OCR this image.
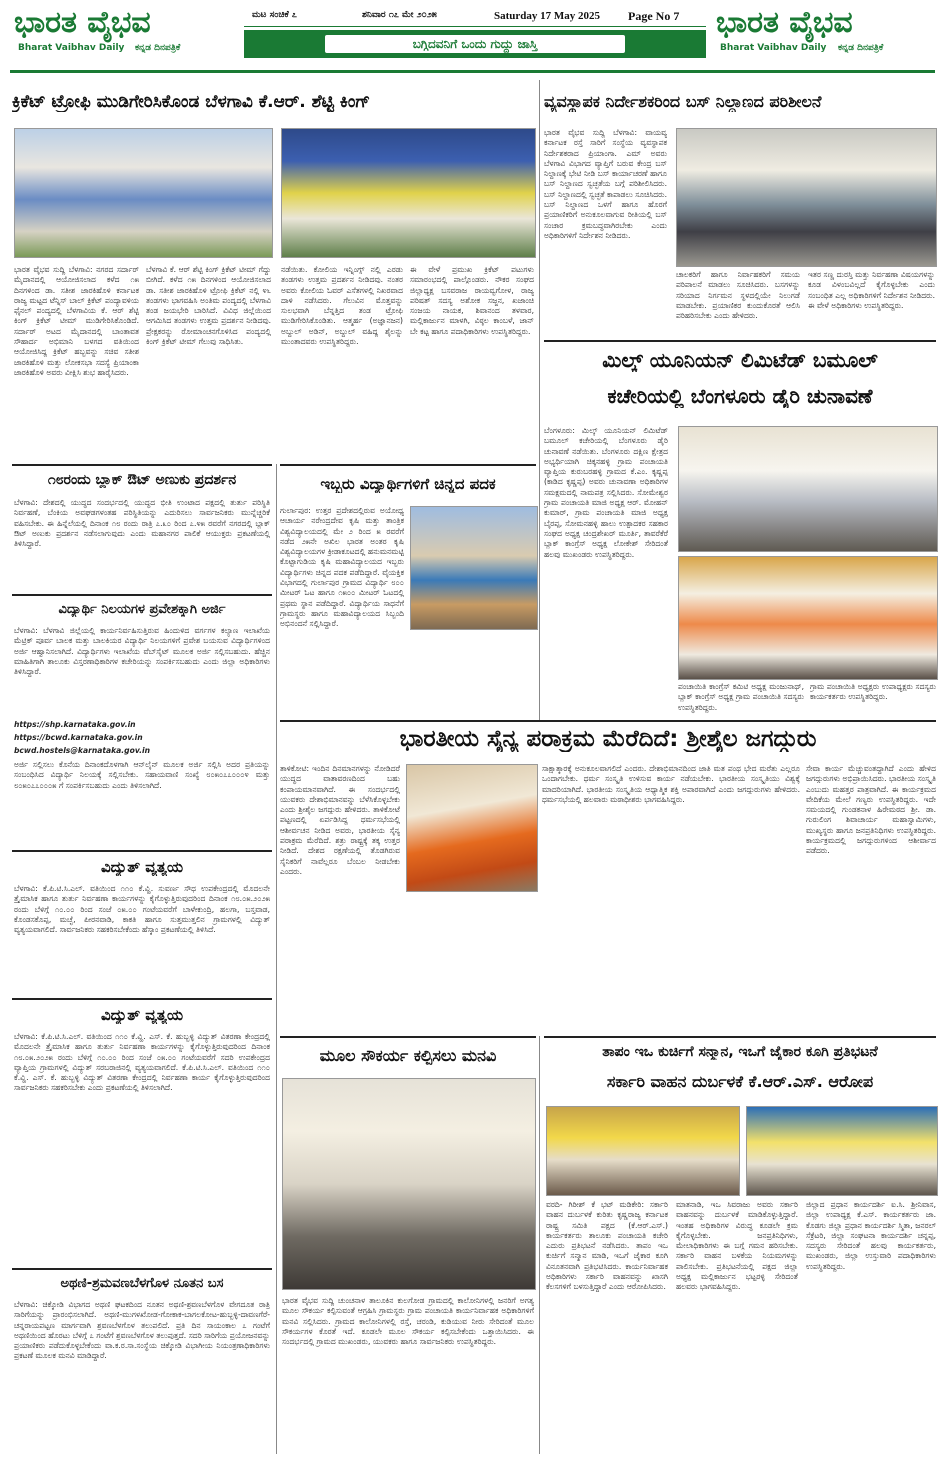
ಭಾರತ ವೈಭವ
Bharat Vaibhav Daily ಕನ್ನಡ ದಿನಪತ್ರಿಕೆ
ಮಟ ಸಂಚಿಕೆ ೭	ಶನಿವಾರ ೧೭ ಮೇ ೨೦೨೫	Saturday 17 May 2025 Page No 7
ಬಗ್ಗಿದವನಿಗೆ ಒಂದು ಗುದ್ದು ಜಾಸ್ತಿ
ಭಾರತ ವೈಭವ
Bharat Vaibhav Daily ಕನ್ನಡ ದಿನಪತ್ರಿಕೆ
ಕ್ರಿಕೆಟ್ ಟ್ರೋಫಿ ಮುಡಿಗೇರಿಸಿಕೊಂಡ ಬೆಳಗಾವಿ ಕೆ.ಆರ್. ಶೆಟ್ಟಿ ಕಿಂಗ್
ಭಾರತ ವೈಭವ ಸುದ್ದಿ ಬೆಳಗಾವಿ: ನಗರದ ಸರ್ದಾರ್ ಮೈದಾನದಲ್ಲಿ ಆಯೋಜಿಸಲಾದ ಕಳೆದ ೧೫ ದಿನಗಳಿಂದ ಡಾ. ಸತೀಶ ಜಾರಕಿಹೊಳಿ ಕರ್ನಾಟಕ ರಾಜ್ಯ ಮಟ್ಟದ ಟೆನ್ನಿಸ್ ಬಾಲ್ ಕ್ರಿಕೆಟ್ ಪಂದ್ಯಾವಳಿಯ ಫೈನಲ್ ಪಂದ್ಯದಲ್ಲಿ ಬೆಳಗಾವಿಯ ಕೆ. ಆರ್ ಶೆಟ್ಟಿ ಕಿಂಗ್ ಕ್ರಿಕೆಟ್ ಟೀಮ್ ಮುಡಿಗೇರಿಸಿಕೊಂಡಿದೆ. ಸರ್ದಾರ್ ಅಟದ ಮೈದಾನದಲ್ಲಿ ಬಾಂತಾವತ ಸೌಹಾರ್ದ ಅಭಿಮಾನಿ ಬಳಗದ ವತಿಯಿಂದ ಆಯೋಜಿಸಿದ್ದ ಕ್ರಿಕೆಟ್ ಹಬ್ಬವನ್ನು ಸಚಿವ ಸತೀಶ ಜಾರಕಿಹೊಳಿ ಮತ್ತು ಲೋಕಸಭಾ ಸದಸ್ಯೆ ಪ್ರಿಯಾಂಕಾ ಜಾರಕಿಹೊಳಿ ಅವರು ವೀಕ್ಷಿಸಿ ಶುಭ ಹಾರೈಸಿದರು.
ಬೆಳಗಾವಿ ಕೆ. ಆರ್ ಶೆಟ್ಟಿ ಕಿಂಗ್ ಕ್ರಿಕೆಟ್ ಟೀಮ್ ಗೆದ್ದು ಬೀಗಿದೆ. ಕಳೆದ ೧೫ ದಿನಗಳಿಂದ ಆಯೋಜಿಸಲಾದ ಡಾ. ಸತೀಶ ಜಾರಕಿಹೊಳಿ ಟ್ರೋಫಿ ಕ್ರಿಕೆಟ್ ನಲ್ಲಿ ೪೬ ತಂಡಗಳು ಭಾಗವಹಿಸಿ ಅಂತಿಮ ಪಂದ್ಯದಲ್ಲಿ ಬೆಳಗಾವಿ ತಂಡ ಜಯಭೇರಿ ಬಾರಿಸಿದೆ. ವಿವಿಧ ಜಿಲ್ಲೆಯಿಂದ ಆಗಮಿಸಿದ ತಂಡಗಳು ಉತ್ತಮ ಪ್ರದರ್ಶನ ನೀಡಿದವು. ಪ್ರೇಕ್ಷಕರನ್ನು ರೋಮಾಂಚನಗೊಳಿಸಿದ ಪಂದ್ಯದಲ್ಲಿ ಕಿಂಗ್ ಕ್ರಿಕೆಟ್ ಟೀಮ್ ಗೆಲುವು ಸಾಧಿಸಿತು.
ನಡೆಯಿತು. ಕೋಲಿಯ ಇನ್ನಿಂಗ್ಸ್ ನಲ್ಲಿ ಎರಡು ತಂಡಗಳು ಉತ್ತಮ ಪ್ರದರ್ಶನ ನೀಡಿದವು. ನಂತರ ಅವರು ಕೋಲಿಯ ಓವರ್ ಎಸೆತಗಳಲ್ಲಿ ನಿಖರವಾದ ದಾಳಿ ನಡೆಸಿದರು. ಗೆಲುವಿನ ಮೊತ್ತವನ್ನು ಸುಲಭವಾಗಿ ಬೆನ್ನತ್ತಿದ ತಂಡ ಟ್ರೋಫಿ ಮುಡಿಗೇರಿಸಿಕೊಂಡಿತು. ಆತ್ಮರ್ಹ (ಅಜ್ಞಾನಜನ) ಅಬ್ದುಲ್ ಅಡಿನ್, ಅಬ್ದುಲ್ ವಹಿದ್ದ ಶೈಲನ್ನು ಮುಂತಾದವರು ಉಪಸ್ಥಿತರಿದ್ದರು.
ಈ ವೇಳೆ ಪ್ರಮುಖ ಕ್ರಿಕೆಟ್ ಪಟುಗಳು ಸಮಾರಂಭದಲ್ಲಿ ಪಾಲ್ಗೊಂಡರು. ನೌಕರ ಸಂಘದ ಜಿಲ್ಲಾಧ್ಯಕ್ಷ ಬಸವರಾಜ ರಾಯವ್ವಗೋಳ, ರಾಜ್ಯ ಪರಿಷತ್ ಸದಸ್ಯ ಅಶೋಕ ಸಜ್ಜನ, ಖಜಾಂಚಿ ಸಂಜಯ ನಾಯಕ, ಶಿವಾನಂದ ತಳವಾರ, ಮಲ್ಲಿಕಾರ್ಜುನ ಮಾಳಗಿ, ವಿಠ್ಠಲ ಕಾಂಬಳೆ, ಜಾನ್ ಬೇ ಕಟ್ಟ ಹಾಗೂ ಪದಾಧಿಕಾರಿಗಳು ಉಪಸ್ಥಿತರಿದ್ದರು.
ವ್ಯವಸ್ಥಾಪಕ ನಿರ್ದೇಶಕರಿಂದ ಬಸ್ ನಿಲ್ದಾಣದ ಪರಿಶೀಲನೆ
ಭಾರತ ವೈಭವ ಸುದ್ದಿ ಬೆಳಗಾವಿ: ವಾಯವ್ಯ ಕರ್ನಾಟಕ ರಸ್ತೆ ಸಾರಿಗೆ ಸಂಸ್ಥೆಯ ವ್ಯವಸ್ಥಾಪಕ ನಿರ್ದೇಶಕರಾದ ಪ್ರಿಯಾಂಗಾ. ಎಮ್ ಅವರು ಬೆಳಗಾವಿ ವಿಭಾಗದ ವ್ಯಾಪ್ತಿಗೆ ಬರುವ ಕೇಂದ್ರ ಬಸ್ ನಿಲ್ದಾಣಕ್ಕೆ ಭೇಟಿ ನೀಡಿ ಬಸ್ ಕಾರ್ಯಾಚರಣೆ ಹಾಗೂ ಬಸ್ ನಿಲ್ದಾಣದ ಸ್ವಚ್ಛತೆಯ ಬಗ್ಗೆ ಪರಿಶೀಲಿಸಿದರು. ಬಸ್ ನಿಲ್ದಾಣದಲ್ಲಿ ಸ್ವಚ್ಛತೆ ಕಾಪಾಡಲು ಸೂಚಿಸಿದರು. ಬಸ್ ನಿಲ್ದಾಣದ ಒಳಗೆ ಹಾಗೂ ಹೊರಗೆ ಪ್ರಯಾಣಿಕರಿಗೆ ಅನುಕೂಲವಾಗುವ ರೀತಿಯಲ್ಲಿ ಬಸ್ ಸಂಚಾರ ಕ್ರಮಬದ್ಧವಾಗಿರಬೇಕು ಎಂದು ಅಧಿಕಾರಿಗಳಿಗೆ ನಿರ್ದೇಶನ ನೀಡಿದರು.
ಚಾಲಕರಿಗೆ ಹಾಗೂ ನಿರ್ವಾಹಕರಿಗೆ ಸಮಯ ಪರಿಪಾಲನೆ ಮಾಡಲು ಸೂಚಿಸಿದರು. ಬಸಗಳನ್ನು ಸರಿಯಾದ ನಿರ್ಗಮನ ಸ್ಥಳದಲ್ಲಿಯೇ ನಿಲುಗಡೆ ಮಾಡಬೇಕು. ಪ್ರಯಾಣಿಕರ ಕುಂದುಕೊರತೆ ಆಲಿಸಿ ಪರಿಹರಿಸಬೇಕು ಎಂದು ಹೇಳಿದರು.
ಇತರ ಸಣ್ಣ ದುರಸ್ತಿ ಮತ್ತು ನಿರ್ವಹಣಾ ವಿಷಯಗಳನ್ನು ಕೂಡ ವಿಳಂಬವಿಲ್ಲದೆ ಕೈಗೊಳ್ಳಬೇಕು ಎಂದು ಸಂಬಂಧಿತ ಎಲ್ಲ ಅಧಿಕಾರಿಗಳಿಗೆ ನಿರ್ದೇಶನ ನೀಡಿದರು. ಈ ವೇಳೆ ಅಧಿಕಾರಿಗಳು ಉಪಸ್ಥಿತರಿದ್ದರು.
ಮಿಲ್ಕ್ ಯೂನಿಯನ್ ಲಿಮಿಟೆಡ್ ಬಮೂಲ್
ಕಚೇರಿಯಲ್ಲಿ ಬೆಂಗಳೂರು ಡೈರಿ ಚುನಾವಣೆ
ಬೆಂಗಳೂರು: ಮಿಲ್ಕ್ ಯೂನಿಯನ್ ಲಿಮಿಟೆಡ್ ಬಮೂಲ್ ಕಚೇರಿಯಲ್ಲಿ ಬೆಂಗಳೂರು ಡೈರಿ ಚುನಾವಣೆ ನಡೆಯಿತು. ಬೆಂಗಳೂರು ದಕ್ಷಿಣ ಕ್ಷೇತ್ರದ ಅಭ್ಯರ್ಥಿಯಾಗಿ ಚಿಕ್ಕನಹಳ್ಳಿ ಗ್ರಾಮ ಪಂಚಾಯತಿ ವ್ಯಾಪ್ತಿಯ ಕುರುಬರಹಳ್ಳಿ ಗ್ರಾಮದ ಕೆ.ಎಂ. ಕೃಷ್ಣಪ್ಪ (ಕಾಡಿದ ಕೃಷ್ಣಪ್ಪ) ಅವರು ಚುನಾವಣಾ ಅಧಿಕಾರಿಗಳ ಸಮಕ್ಷಮದಲ್ಲಿ ನಾಮಪತ್ರ ಸಲ್ಲಿಸಿದರು. ಸೋಮೇಶ್ವರ ಗ್ರಾಮ ಪಂಚಾಯತಿ ಮಾಜಿ ಅಧ್ಯಕ್ಷ ಆರ್. ಮೋಹನ್ ಕುಮಾರ್, ಗ್ರಾಮ ಪಂಚಾಯತಿ ಮಾಜಿ ಅಧ್ಯಕ್ಷ ಬೈರಪ್ಪ, ಸೋಮನಹಳ್ಳಿ ಹಾಲು ಉತ್ಪಾದಕರ ಸಹಕಾರ ಸಂಘದ ಅಧ್ಯಕ್ಷ ಚಂದ್ರಶೇಖರ್ ಮೂರ್ತಿ, ತಾವರೆಕೆರೆ ಬ್ಲಾಕ್ ಕಾಂಗ್ರೆಸ್ ಅಧ್ಯಕ್ಷ ಲೋಕೇಶ್ ಸೇರಿದಂತೆ ಹಲವು ಮುಖಂಡರು ಉಪಸ್ಥಿತರಿದ್ದರು.
ಪಂಚಾಯಿತಿ ಕಾಂಗ್ರೆಸ್ ಕಮಿಟಿ ಅಧ್ಯಕ್ಷ ಮಂಜುನಾಥ್, ಬ್ಲಾಕ್ ಕಾಂಗ್ರೆಸ್ ಅಧ್ಯಕ್ಷ ಗ್ರಾಮ ಪಂಚಾಯಿತಿ ಸದಸ್ಯರು ಉಪಸ್ಥಿತರಿದ್ದರು.
ಗ್ರಾಮ ಪಂಚಾಯಿತಿ ಅಧ್ಯಕ್ಷರು ಉಪಾಧ್ಯಕ್ಷರು ಸದಸ್ಯರು ಕಾರ್ಯಕರ್ತರು ಉಪಸ್ಥಿತರಿದ್ದರು.
೧೮ರಂದು ಬ್ಲಾಕ್ ಔಟ್ ಅಣುಕು ಪ್ರದರ್ಶನ
ಬೆಳಗಾವಿ: ದೇಶದಲ್ಲಿ ಯುದ್ಧದ ಸಂದರ್ಭದಲ್ಲಿ ಯುದ್ಧದ ಭೀತಿ ಉಂಟಾದ ಪಕ್ಷದಲ್ಲಿ ತುರ್ತು ಪರಿಸ್ಥಿತಿ ನಿರ್ವಹಣೆ, ಬೆಂಕಿಯ ಅವಘಡಗಳಂತಹ ಪರಿಸ್ಥಿತಿಯನ್ನು ಎದುರಿಸಲು ಸಾರ್ವಜನಿಕರು ಮುನ್ನೆಚ್ಚರಿಕೆ ವಹಿಸಬೇಕು. ಈ ಹಿನ್ನೆಲೆಯಲ್ಲಿ ದಿನಾಂಕ ೧೮ ರಂದು ರಾತ್ರಿ ೭.೩೦ ರಿಂದ ೭.೪೫ ರವರೆಗೆ ನಗರದಲ್ಲಿ ಬ್ಲಾಕ್ ಔಟ್ ಅಣುಕು ಪ್ರದರ್ಶನ ನಡೆಸಲಾಗುವುದು ಎಂದು ಮಹಾನಗರ ಪಾಲಿಕೆ ಆಯುಕ್ತರು ಪ್ರಕಟಣೆಯಲ್ಲಿ ತಿಳಿಸಿದ್ದಾರೆ.
ವಿದ್ಯಾರ್ಥಿ ನಿಲಯಗಳ ಪ್ರವೇಶಕ್ಕಾಗಿ ಅರ್ಜಿ
ಬೆಳಗಾವಿ: ಬೆಳಗಾವಿ ಜಿಲ್ಲೆಯಲ್ಲಿ ಕಾರ್ಯನಿರ್ವಹಿಸುತ್ತಿರುವ ಹಿಂದುಳಿದ ವರ್ಗಗಳ ಕಲ್ಯಾಣ ಇಲಾಖೆಯ ಮೆಟ್ರಿಕ್ ಪೂರ್ವ ಬಾಲಕ ಮತ್ತು ಬಾಲಕಿಯರ ವಿದ್ಯಾರ್ಥಿ ನಿಲಯಗಳಿಗೆ ಪ್ರವೇಶ ಬಯಸುವ ವಿದ್ಯಾರ್ಥಿಗಳಿಂದ ಅರ್ಜಿ ಆಹ್ವಾನಿಸಲಾಗಿದೆ. ವಿದ್ಯಾರ್ಥಿಗಳು ಇಲಾಖೆಯ ವೆಬ್‌ಸೈಟ್ ಮೂಲಕ ಅರ್ಜಿ ಸಲ್ಲಿಸಬಹುದು. ಹೆಚ್ಚಿನ ಮಾಹಿತಿಗಾಗಿ ತಾಲೂಕು ವಿಸ್ತರಣಾಧಿಕಾರಿಗಳ ಕಚೇರಿಯನ್ನು ಸಂಪರ್ಕಿಸಬಹುದು ಎಂದು ಜಿಲ್ಲಾ ಅಧಿಕಾರಿಗಳು ತಿಳಿಸಿದ್ದಾರೆ.
https://shp.karnataka.gov.in
https://bcwd.karnataka.gov.in
bcwd.hostels@karnataka.gov.in
ಅರ್ಜಿ ಸಲ್ಲಿಸಲು ಕೊನೆಯ ದಿನಾಂಕದೊಳಗಾಗಿ ಆನ್‌ಲೈನ್ ಮೂಲಕ ಅರ್ಜಿ ಸಲ್ಲಿಸಿ ಅದರ ಪ್ರತಿಯನ್ನು ಸಂಬಂಧಿಸಿದ ವಿದ್ಯಾರ್ಥಿ ನಿಲಯಕ್ಕೆ ಸಲ್ಲಿಸಬೇಕು. ಸಹಾಯವಾಣಿ ಸಂಖ್ಯೆ ೮೦೫೦೭೭೦೦೦೪ ಮತ್ತು ೮೦೫೦೭೭೦೦೦೫ ಗೆ ಸಂಪರ್ಕಿಸಬಹುದು ಎಂದು ತಿಳಿಸಲಾಗಿದೆ.
ವಿದ್ಯುತ್ ವ್ಯತ್ಯಯ
ಬೆಳಗಾವಿ: ಕೆ.ಪಿ.ಟಿ.ಸಿ.ಎಲ್. ವತಿಯಿಂದ ೧೧೦ ಕೆ.ವ್ಹಿ. ಸುವರ್ಣ ಸೌಧ ಉಪಕೇಂದ್ರದಲ್ಲಿ ಮೊದಲನೇ ತ್ರೈಮಾಸಿಕ ಹಾಗೂ ತುರ್ತು ನಿರ್ವಹಣಾ ಕಾರ್ಯಗಳನ್ನು ಕೈಗೊಳ್ಳುತ್ತಿರುವುದರಿಂದ ದಿನಾಂಕ ೧೮.೦೫.೨೦೨೫ ರಂದು ಬೆಳಿಗ್ಗೆ ೧೦.೦೦ ರಿಂದ ಸಂಜೆ ೦೫.೦೦ ಗಂಟೆಯವರೆಗೆ ಬಾಳೇಕುಂದ್ರಿ, ಹಲಗಾ, ಬಸ್ತವಾಡ, ಕೊಂಡಸಕೊಪ್ಪ, ಮಚ್ಛೆ, ಪೀರನವಾಡಿ, ಕಾಕತಿ ಹಾಗೂ ಸುತ್ತಮುತ್ತಲಿನ ಗ್ರಾಮಗಳಲ್ಲಿ ವಿದ್ಯುತ್ ವ್ಯತ್ಯಯವಾಗಲಿದೆ. ಸಾರ್ವಜನಿಕರು ಸಹಕರಿಸಬೇಕೆಂದು ಹೆಸ್ಕಾಂ ಪ್ರಕಟಣೆಯಲ್ಲಿ ತಿಳಿಸಿದೆ.
ವಿದ್ಯುತ್ ವ್ಯತ್ಯಯ
ಬೆಳಗಾವಿ: ಕೆ.ಪಿ.ಟಿ.ಸಿ.ಎಲ್. ವತಿಯಿಂದ ೧೧೦ ಕೆ.ವ್ಹಿ. ಎಸ್. ಕೆ. ಹುಬ್ಬಳ್ಳಿ ವಿದ್ಯುತ್ ವಿತರಣಾ ಕೇಂದ್ರದಲ್ಲಿ ಮೊದಲನೇ ತ್ರೈಮಾಸಿಕ ಹಾಗೂ ತುರ್ತು ನಿರ್ವಹಣಾ ಕಾರ್ಯಗಳನ್ನು ಕೈಗೊಳ್ಳುತ್ತಿರುವುದರಿಂದ ದಿನಾಂಕ ೧೮.೦೫.೨೦೨೫ ರಂದು ಬೆಳಿಗ್ಗೆ ೧೦.೦೦ ರಿಂದ ಸಂಜೆ ೦೫.೦೦ ಗಂಟೆಯವರೆಗೆ ಸದರಿ ಉಪಕೇಂದ್ರದ ವ್ಯಾಪ್ತಿಯ ಗ್ರಾಮಗಳಲ್ಲಿ ವಿದ್ಯುತ್ ಸರಬರಾಜಿನಲ್ಲಿ ವ್ಯತ್ಯಯವಾಗಲಿದೆ. ಕೆ.ಪಿ.ಟಿ.ಸಿ.ಎಲ್. ವತಿಯಿಂದ ೧೧೦ ಕೆ.ವ್ಹಿ. ಎಸ್. ಕೆ. ಹುಬ್ಬಳ್ಳಿ ವಿದ್ಯುತ್ ವಿತರಣಾ ಕೇಂದ್ರದಲ್ಲಿ ನಿರ್ವಹಣಾ ಕಾರ್ಯ ಕೈಗೊಳ್ಳುತ್ತಿರುವುದರಿಂದ ಸಾರ್ವಜನಿಕರು ಸಹಕರಿಸಬೇಕು ಎಂದು ಪ್ರಕಟಣೆಯಲ್ಲಿ ತಿಳಿಸಲಾಗಿದೆ.
ಅಥಣಿ-ಶ್ರಮವಣಬೆಳಗೊಳ ನೂತನ ಬಸ
ಬೆಳಗಾವಿ: ಚಿಕ್ಕೋಡಿ ವಿಭಾಗದ ಅಥಣಿ ಘಟಕದಿಂದ ನೂತನ ಅಥಣಿ-ಶ್ರವಣಬೆಳಗೊಳ ವೇಗದೂತ ರಾತ್ರಿ ಸಾರಿಗೆಯನ್ನು ಪ್ರಾರಂಭಿಸಲಾಗಿದೆ. ಅಥಣಿ-ಮುಗಳಖೋಡ-ಗೋಕಾಕ-ಬಾಗಲಕೋಟ-ಹುಬ್ಬಳ್ಳಿ-ದಾವಣಗೆರೆ-ಚನ್ನರಾಯಪಟ್ಟಣ ಮಾರ್ಗವಾಗಿ ಶ್ರವಣಬೆಳಗೊಳ ತಲುಪಲಿದೆ. ಪ್ರತಿ ದಿನ ಸಾಯಂಕಾಲ ೭ ಗಂಟೆಗೆ ಅಥಣಿಯಿಂದ ಹೊರಟು ಬೆಳಿಗ್ಗೆ ೭ ಗಂಟೆಗೆ ಶ್ರವಣಬೆಳಗೊಳ ತಲುಪುತ್ತದೆ. ಸದರಿ ಸಾರಿಗೆಯ ಪ್ರಯೋಜನವನ್ನು ಪ್ರಯಾಣಿಕರು ಪಡೆದುಕೊಳ್ಳಬೇಕೆಂದು ವಾ.ಕ.ರ.ಸಾ.ಸಂಸ್ಥೆಯ ಚಿಕ್ಕೋಡಿ ವಿಭಾಗೀಯ ನಿಯಂತ್ರಣಾಧಿಕಾರಿಗಳು ಪ್ರಕಟಣೆ ಮೂಲಕ ಮನವಿ ಮಾಡಿದ್ದಾರೆ.
ಇಬ್ಬರು ವಿದ್ಯಾರ್ಥಿಗಳಿಗೆ ಚಿನ್ನದ ಪದಕ
ಗುರ್ಲಾಪುರ: ಉತ್ತರ ಪ್ರದೇಶದಲ್ಲಿರುವ ಅಯೋಧ್ಯ ಆಚಾರ್ಯ ನರೇಂದ್ರದೇವ ಕೃಷಿ ಮತ್ತು ತಾಂತ್ರಿಕ ವಿಶ್ವವಿದ್ಯಾಲಯದಲ್ಲಿ ಮೇ ೨ ರಿಂದ ೫ ರವರೆಗೆ ನಡೆದ ೨೫ನೇ ಅಖಿಲ ಭಾರತ ಅಂತರ ಕೃಷಿ ವಿಶ್ವವಿದ್ಯಾಲಯಗಳ ಕ್ರೀಡಾಕೂಟದಲ್ಲಿ ಹನುಮನಮಟ್ಟಿ ಕೊಟ್ಟಾಗುಡಿಯ ಕೃಷಿ ಮಹಾವಿದ್ಯಾಲಯದ ಇಬ್ಬರು ವಿದ್ಯಾರ್ಥಿಗಳು ಚಿನ್ನದ ಪದಕ ಪಡೆದಿದ್ದಾರೆ. ವೈಯಕ್ತಿಕ ವಿಭಾಗದಲ್ಲಿ ಗುರ್ಲಾಪುರ ಗ್ರಾಮದ ವಿದ್ಯಾರ್ಥಿ ೮೦೦ ಮೀಟರ್ ಓಟ ಹಾಗೂ ೧೫೦೦ ಮೀಟರ್ ಓಟದಲ್ಲಿ ಪ್ರಥಮ ಸ್ಥಾನ ಪಡೆದಿದ್ದಾರೆ. ವಿದ್ಯಾರ್ಥಿಯ ಸಾಧನೆಗೆ ಗ್ರಾಮಸ್ಥರು ಹಾಗೂ ಮಹಾವಿದ್ಯಾಲಯದ ಸಿಬ್ಬಂದಿ ಅಭಿನಂದನೆ ಸಲ್ಲಿಸಿದ್ದಾರೆ.
ಭಾರತೀಯ ಸೈನ್ಯ ಪರಾಕ್ರಮ ಮೆರೆದಿದೆ: ಶ್ರೀಶೈಲ ಜಗದ್ಗುರು
ತಾಳಿಕೋಟಿ: ಇಂದಿನ ದಿನಮಾನಗಳನ್ನು ನೋಡಿದರೆ ಯುದ್ಧದ ವಾತಾವರಣದಿಂದ ಬಹು ಕಂಪಾಯಮಾನವಾಗಿದೆ. ಈ ಸಂದರ್ಭದಲ್ಲಿ ಯುವಕರು ದೇಶಾಭಿಮಾನವನ್ನು ಬೆಳೆಸಿಕೊಳ್ಳಬೇಕು ಎಂದು ಶ್ರೀಶೈಲ ಜಗದ್ಗುರು ಹೇಳಿದರು. ತಾಳಿಕೋಟೆ ಪಟ್ಟಣದಲ್ಲಿ ಏರ್ಪಡಿಸಿದ್ದ ಧರ್ಮಸಭೆಯಲ್ಲಿ ಆಶೀರ್ವಚನ ನೀಡಿದ ಅವರು, ಭಾರತೀಯ ಸೈನ್ಯ ಪರಾಕ್ರಮ ಮೆರೆದಿದೆ. ಶತ್ರು ರಾಷ್ಟ್ರಕ್ಕೆ ತಕ್ಕ ಉತ್ತರ ನೀಡಿದೆ. ದೇಶದ ರಕ್ಷಣೆಯಲ್ಲಿ ತೊಡಗಿರುವ ಸೈನಿಕರಿಗೆ ನಾವೆಲ್ಲರೂ ಬೆಂಬಲ ನೀಡಬೇಕು ಎಂದರು.
ಸಾಕ್ಷಾತ್ಕಾರಕ್ಕೆ ಅನುಕೂಲವಾಗಲಿದೆ ಎಂದರು. ದೇಶಾಭಿಮಾನದಿಂದ ಜಾತಿ ಮತ ಪಂಥ ಭೇದ ಮರೆತು ಎಲ್ಲರೂ ಒಂದಾಗಬೇಕು. ಧರ್ಮ ಸಂಸ್ಕೃತಿ ಉಳಿಸುವ ಕಾರ್ಯ ನಡೆಯಬೇಕು. ಭಾರತೀಯ ಸಂಸ್ಕೃತಿಯು ವಿಶ್ವಕ್ಕೆ ಮಾದರಿಯಾಗಿದೆ. ಭಾರತೀಯ ಸಂಸ್ಕೃತಿಯ ಆಧ್ಯಾತ್ಮಿಕ ಶಕ್ತಿ ಅಪಾರವಾಗಿದೆ ಎಂದು ಜಗದ್ಗುರುಗಳು ಹೇಳಿದರು. ಧರ್ಮಸಭೆಯಲ್ಲಿ ಹಲವಾರು ಮಠಾಧೀಶರು ಭಾಗವಹಿಸಿದ್ದರು.
ಸೇವಾ ಕಾರ್ಯ ಮೆಚ್ಚುವಂತದ್ದಾಗಿದೆ ಎಂದು ಹೇಳಿದ ಜಗದ್ಗುರುಗಳು ಅಭಿಪ್ರಾಯಿಸಿದರು. ಭಾರತೀಯ ಸಂಸ್ಕೃತಿ ಎಂಬುದು ಮಹತ್ತರ ಪಾತ್ರವಾಗಿದೆ. ಈ ಕಾರ್ಯಕ್ರಮದ ವೇದಿಕೆಯ ಮೇಲೆ ಗಣ್ಯರು ಉಪಸ್ಥಿತರಿದ್ದರು. ಇದೇ ಸಮಯದಲ್ಲಿ ಗುಂಡಕನಾಳ ಹಿರೇಮಠದ ಶ್ರೀ. ಡಾ. ಗುರುಲಿಂಗ ಶಿವಾಚಾರ್ಯ ಮಹಾಸ್ವಾಮಿಗಳು, ಮುಖ್ಯಸ್ಥರು ಹಾಗೂ ಜನಪ್ರತಿನಿಧಿಗಳು ಉಪಸ್ಥಿತರಿದ್ದರು. ಕಾರ್ಯಕ್ರಮದಲ್ಲಿ ಜಗದ್ಗುರುಗಳಿಂದ ಆಶೀರ್ವಾದ ಪಡೆದರು.
ಮೂಲ ಸೌಕರ್ಯ ಕಲ್ಪಿಸಲು ಮನವಿ
ಭಾರತ ವೈಭವ ಸುದ್ದಿ ಚುಂಚನಾಳ ತಾಲೂಕಿನ ಕುಲಗೋಡ ಗ್ರಾಮದಲ್ಲಿ ಕಾಲೋನಿಗಳಲ್ಲಿ ಜನರಿಗೆ ಅಗತ್ಯ ಮೂಲ ಸೌಕರ್ಯ ಕಲ್ಪಿಸುವಂತೆ ಆಗ್ರಹಿಸಿ ಗ್ರಾಮಸ್ಥರು ಗ್ರಾಮ ಪಂಚಾಯತಿ ಕಾರ್ಯನಿರ್ವಾಹಕ ಅಧಿಕಾರಿಗಳಿಗೆ ಮನವಿ ಸಲ್ಲಿಸಿದರು. ಗ್ರಾಮದ ಕಾಲೋನಿಗಳಲ್ಲಿ ರಸ್ತೆ, ಚರಂಡಿ, ಕುಡಿಯುವ ನೀರು ಸೇರಿದಂತೆ ಮೂಲ ಸೌಕರ್ಯಗಳ ಕೊರತೆ ಇದೆ. ಕೂಡಲೇ ಮೂಲ ಸೌಕರ್ಯ ಕಲ್ಪಿಸಬೇಕೆಂದು ಒತ್ತಾಯಿಸಿದರು. ಈ ಸಂದರ್ಭದಲ್ಲಿ ಗ್ರಾಮದ ಮುಖಂಡರು, ಯುವಕರು ಹಾಗೂ ಸಾರ್ವಜನಿಕರು ಉಪಸ್ಥಿತರಿದ್ದರು.
ತಾಪಂ ಇಒ ಕುರ್ಚಿಗೆ ಸನ್ಮಾನ, ಇಒಗೆ ಜೈಕಾರ ಕೂಗಿ ಪ್ರತಿಭಟನೆ
ಸರ್ಕಾರಿ ವಾಹನ ದುರ್ಬಳಕೆ ಕೆ.ಆರ್.ಎಸ್. ಆರೋಪ
ವರದಿ- ಗಿರೀಶ್ ಕೆ ಭಟ್ ಮಡಿಕೇರಿ: ಸರ್ಕಾರಿ ವಾಹನ ದುರ್ಬಳಕೆ ಕುರಿತು ಕೃಷ್ಣರಾಜ್ಯ ಕರ್ನಾಟಕ ರಾಷ್ಟ್ರ ಸಮಿತಿ ಪಕ್ಷದ (ಕೆ.ಆರ್.ಎಸ್.) ಕಾರ್ಯಕರ್ತರು ತಾಲೂಕು ಪಂಚಾಯತಿ ಕಚೇರಿ ಎದುರು ಪ್ರತಿಭಟನೆ ನಡೆಸಿದರು. ತಾಪಂ ಇಒ ಕುರ್ಚಿಗೆ ಸನ್ಮಾನ ಮಾಡಿ, ಇಒಗೆ ಜೈಕಾರ ಕೂಗಿ ವಿನೂತನವಾಗಿ ಪ್ರತಿಭಟಿಸಿದರು. ಕಾರ್ಯನಿರ್ವಾಹಕ ಅಧಿಕಾರಿಗಳು ಸರ್ಕಾರಿ ವಾಹನವನ್ನು ಖಾಸಗಿ ಕೆಲಸಗಳಿಗೆ ಬಳಸುತ್ತಿದ್ದಾರೆ ಎಂದು ಆರೋಪಿಸಿದರು.
ಮಾತನಾಡಿ, ಇಒ ಸಿವರಾಜು ಅವರು ಸರ್ಕಾರಿ ವಾಹನವನ್ನು ದುರ್ಬಳಕೆ ಮಾಡಿಕೊಳ್ಳುತ್ತಿದ್ದಾರೆ. ಇಂತಹ ಅಧಿಕಾರಿಗಳ ವಿರುದ್ಧ ಕೂಡಲೇ ಕ್ರಮ ಕೈಗೊಳ್ಳಬೇಕು. ಜನಪ್ರತಿನಿಧಿಗಳು, ಮೇಲಾಧಿಕಾರಿಗಳು ಈ ಬಗ್ಗೆ ಗಮನ ಹರಿಸಬೇಕು. ಸರ್ಕಾರಿ ವಾಹನ ಬಳಕೆಯ ನಿಯಮಗಳನ್ನು ಪಾಲಿಸಬೇಕು. ಪ್ರತಿಭಟನೆಯಲ್ಲಿ ಪಕ್ಷದ ಜಿಲ್ಲಾ ಅಧ್ಯಕ್ಷ ಮಲ್ಲಿಕಾರ್ಜುನ ಭಟ್ಟರಳ್ಳಿ ಸೇರಿದಂತೆ ಹಲವರು ಭಾಗವಹಿಸಿದ್ದರು.
ಜಿಲ್ಲಾದ ಪ್ರಧಾನ ಕಾರ್ಯದರ್ಶಿ ಐ.ಸಿ. ಶ್ರೀನಿವಾಸ, ಜಿಲ್ಲಾ ಉಪಾಧ್ಯಕ್ಷ ಕೆ.ಎಸ್. ಕಾರ್ಯಕರ್ತರು ಜಾ. ಕೊಡಗು ಜಿಲ್ಲಾ ಪ್ರಧಾನ ಕಾರ್ಯದರ್ಶಿ ಸ್ಮಿತಾ, ಜನರಲ್ ಸೆಕ್ರೆಟರಿ, ಜಿಲ್ಲಾ ಸಂಘಟನಾ ಕಾರ್ಯದರ್ಶಿ ಚನ್ನಪ್ಪ, ಸದಸ್ಯರು ಸೇರಿದಂತೆ ಹಲವು ಕಾರ್ಯಕರ್ತರು, ಮುಖಂಡರು, ಜಿಲ್ಲಾ ಉಸ್ತುವಾರಿ ಪದಾಧಿಕಾರಿಗಳು ಉಪಸ್ಥಿತರಿದ್ದರು.
